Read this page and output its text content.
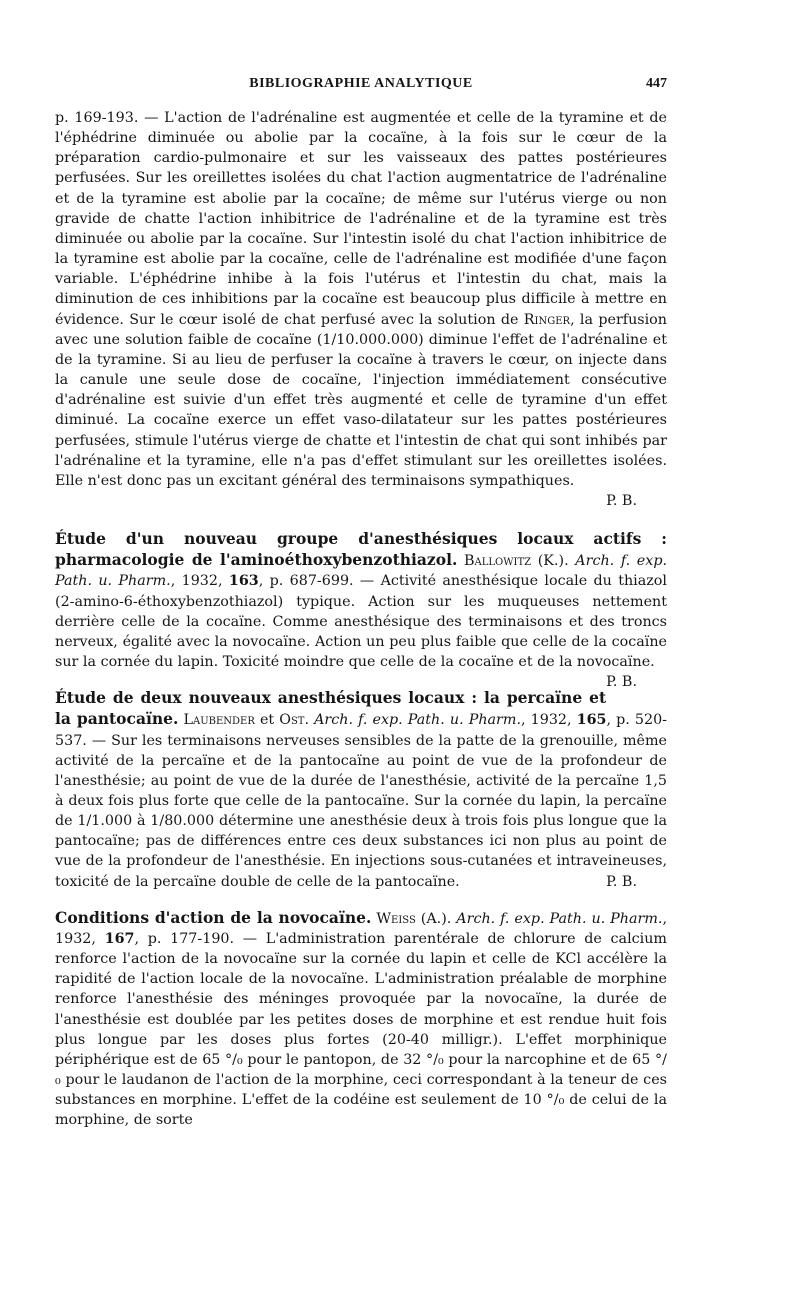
BIBLIOGRAPHIE ANALYTIQUE	447

p. 169-193. — L'action de l'adrénaline est augmentée et celle de la tyramine et de l'éphédrine diminuée ou abolie par la cocaïne, à la fois sur le cœur de la préparation cardio-pulmonaire et sur les vaisseaux des pattes postérieures perfusées. Sur les oreillettes isolées du chat l'action augmentatrice de l'adrénaline et de la tyramine est abolie par la cocaïne; de même sur l'utérus vierge ou non gravide de chatte l'action inhibitrice de l'adrénaline et de la tyramine est très diminuée ou abolie par la cocaïne. Sur l'intestin isolé du chat l'action inhibitrice de la tyramine est abolie par la cocaïne, celle de l'adrénaline est modifiée d'une façon variable. L'éphédrine inhibe à la fois l'utérus et l'intestin du chat, mais la diminution de ces inhibitions par la cocaïne est beaucoup plus difficile à mettre en évidence. Sur le cœur isolé de chat perfusé avec la solution de Ringer, la perfusion avec une solution faible de cocaïne (1/10.000.000) diminue l'effet de l'adrénaline et de la tyramine. Si au lieu de perfuser la cocaïne à travers le cœur, on injecte dans la canule une seule dose de cocaïne, l'injection immédiatement consécutive d'adrénaline est suivie d'un effet très augmenté et celle de tyramine d'un effet diminué. La cocaïne exerce un effet vaso-dilatateur sur les pattes postérieures perfusées, stimule l'utérus vierge de chatte et l'intestin de chat qui sont inhibés par l'adrénaline et la tyramine, elle n'a pas d'effet stimulant sur les oreillettes isolées. Elle n'est donc pas un excitant général des terminaisons sympathiques.

P. B.

Étude d'un nouveau groupe d'anesthésiques locaux actifs : pharmacologie de l'aminoéthoxybenzothiazol. Ballowitz (K.). Arch. f. exp. Path. u. Pharm., 1932, 163, p. 687-699. — Activité anesthésique locale du thiazol (2-amino-6-éthoxybenzothiazol) typique. Action sur les muqueuses nettement derrière celle de la cocaïne. Comme anesthésique des terminaisons et des troncs nerveux, égalité avec la novocaïne. Action un peu plus faible que celle de la cocaïne sur la cornée du lapin. Toxicité moindre que celle de la cocaïne et de la novocaïne.
P. B.

Étude de deux nouveaux anesthésiques locaux : la percaïne et la pantocaïne. Laubender et Ost. Arch. f. exp. Path. u. Pharm., 1932, 165, p. 520-537. — Sur les terminaisons nerveuses sensibles de la patte de la grenouille, même activité de la percaïne et de la pantocaïne au point de vue de la profondeur de l'anesthésie; au point de vue de la durée de l'anesthésie, activité de la percaïne 1,5 à deux fois plus forte que celle de la pantocaïne. Sur la cornée du lapin, la percaïne de 1/1.000 à 1/80.000 détermine une anesthésie deux à trois fois plus longue que la pantocaïne; pas de différences entre ces deux substances ici non plus au point de vue de la profondeur de l'anesthésie. En injections sous-cutanées et intraveineuses, toxicité de la percaïne double de celle de la pantocaïne.	P. B.

Conditions d'action de la novocaïne. Weiss (A.). Arch. f. exp. Path. u. Pharm., 1932, 167, p. 177-190. — L'administration parentérale de chlorure de calcium renforce l'action de la novocaïne sur la cornée du lapin et celle de KCl accélère la rapidité de l'action locale de la novocaïne. L'administration préalable de morphine renforce l'anesthésie des méninges provoquée par la novocaïne, la durée de l'anesthésie est doublée par les petites doses de morphine et est rendue huit fois plus longue par les doses plus fortes (20-40 milligr.). L'effet morphinique périphérique est de 65 °/₀ pour le pantopon, de 32 °/₀ pour la narcophine et de 65 °/₀ pour le laudanon de l'action de la morphine, ceci correspondant à la teneur de ces substances en morphine. L'effet de la codéine est seulement de 10 °/₀ de celui de la morphine, de sorte
